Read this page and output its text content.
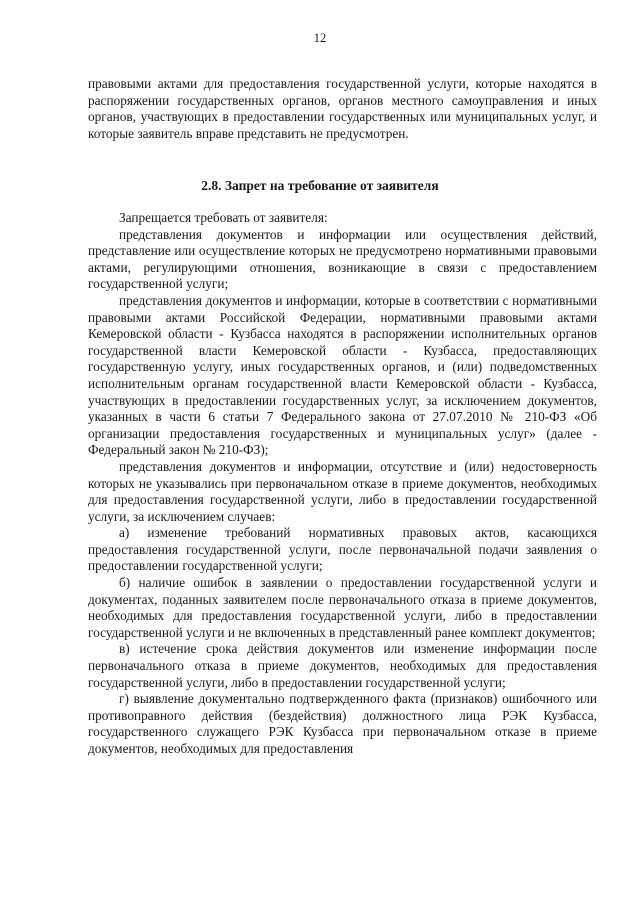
12

правовыми актами для предоставления государственной услуги, которые находятся в распоряжении государственных органов, органов местного самоуправления и иных органов, участвующих в предоставлении государственных или муниципальных услуг, и которые заявитель вправе представить не предусмотрен.

2.8. Запрет на требование от заявителя

Запрещается требовать от заявителя:

представления документов и информации или осуществления действий, представление или осуществление которых не предусмотрено нормативными правовыми актами, регулирующими отношения, возникающие в связи с предоставлением государственной услуги;

представления документов и информации, которые в соответствии с нормативными правовыми актами Российской Федерации, нормативными правовыми актами Кемеровской области - Кузбасса находятся в распоряжении исполнительных органов государственной власти Кемеровской области - Кузбасса, предоставляющих государственную услугу, иных государственных органов, и (или) подведомственных исполнительным органам государственной власти Кемеровской области - Кузбасса, участвующих в предоставлении государственных услуг, за исключением документов, указанных в части 6 статьи 7 Федерального закона от 27.07.2010 № 210-ФЗ «Об организации предоставления государственных и муниципальных услуг» (далее - Федеральный закон № 210-ФЗ);

представления документов и информации, отсутствие и (или) недостоверность которых не указывались при первоначальном отказе в приеме документов, необходимых для предоставления государственной услуги, либо в предоставлении государственной услуги, за исключением случаев:

а) изменение требований нормативных правовых актов, касающихся предоставления государственной услуги, после первоначальной подачи заявления о предоставлении государственной услуги;

б) наличие ошибок в заявлении о предоставлении государственной услуги и документах, поданных заявителем после первоначального отказа в приеме документов, необходимых для предоставления государственной услуги, либо в предоставлении государственной услуги и не включенных в представленный ранее комплект документов;

в) истечение срока действия документов или изменение информации после первоначального отказа в приеме документов, необходимых для предоставления государственной услуги, либо в предоставлении государственной услуги;

г) выявление документально подтвержденного факта (признаков) ошибочного или противоправного действия (бездействия) должностного лица РЭК Кузбасса, государственного служащего РЭК Кузбасса при первоначальном отказе в приеме документов, необходимых для предоставления
